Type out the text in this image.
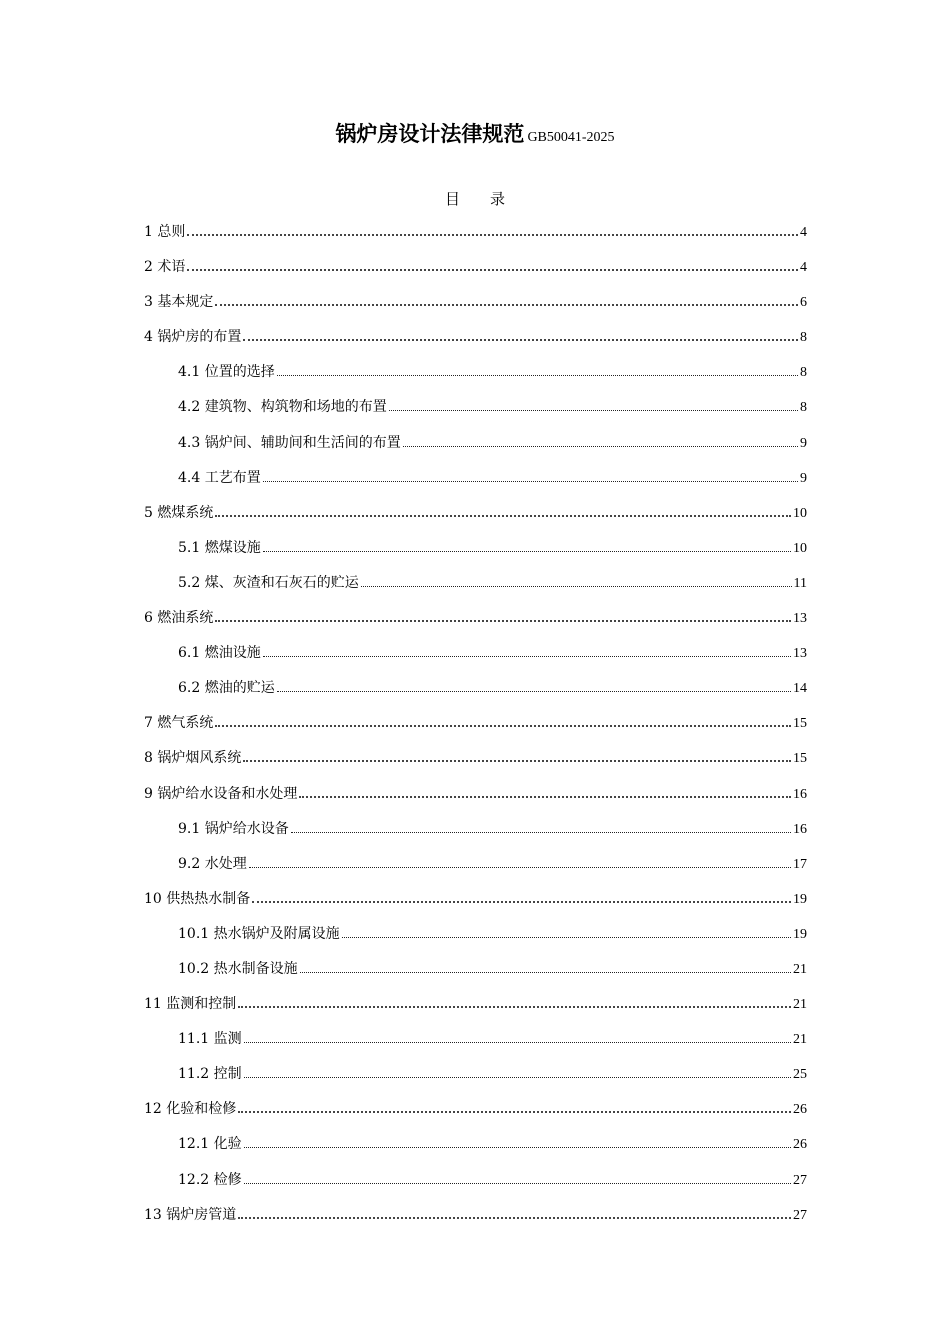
锅炉房设计法律规范 GB50041-2025
目录
1 总则	4
2 术语	4
3 基本规定	6
4 锅炉房的布置	8
4.1 位置的选择	8
4.2 建筑物、构筑物和场地的布置	8
4.3 锅炉间、辅助间和生活间的布置	9
4.4 工艺布置	9
5 燃煤系统	10
5.1 燃煤设施	10
5.2 煤、灰渣和石灰石的贮运	11
6 燃油系统	13
6.1 燃油设施	13
6.2 燃油的贮运	14
7 燃气系统	15
8 锅炉烟风系统	15
9 锅炉给水设备和水处理	16
9.1 锅炉给水设备	16
9.2 水处理	17
10 供热热水制备	19
10.1 热水锅炉及附属设施	19
10.2 热水制备设施	21
11 监测和控制	21
11.1 监测	21
11.2 控制	25
12 化验和检修	26
12.1 化验	26
12.2 检修	27
13 锅炉房管道	27
